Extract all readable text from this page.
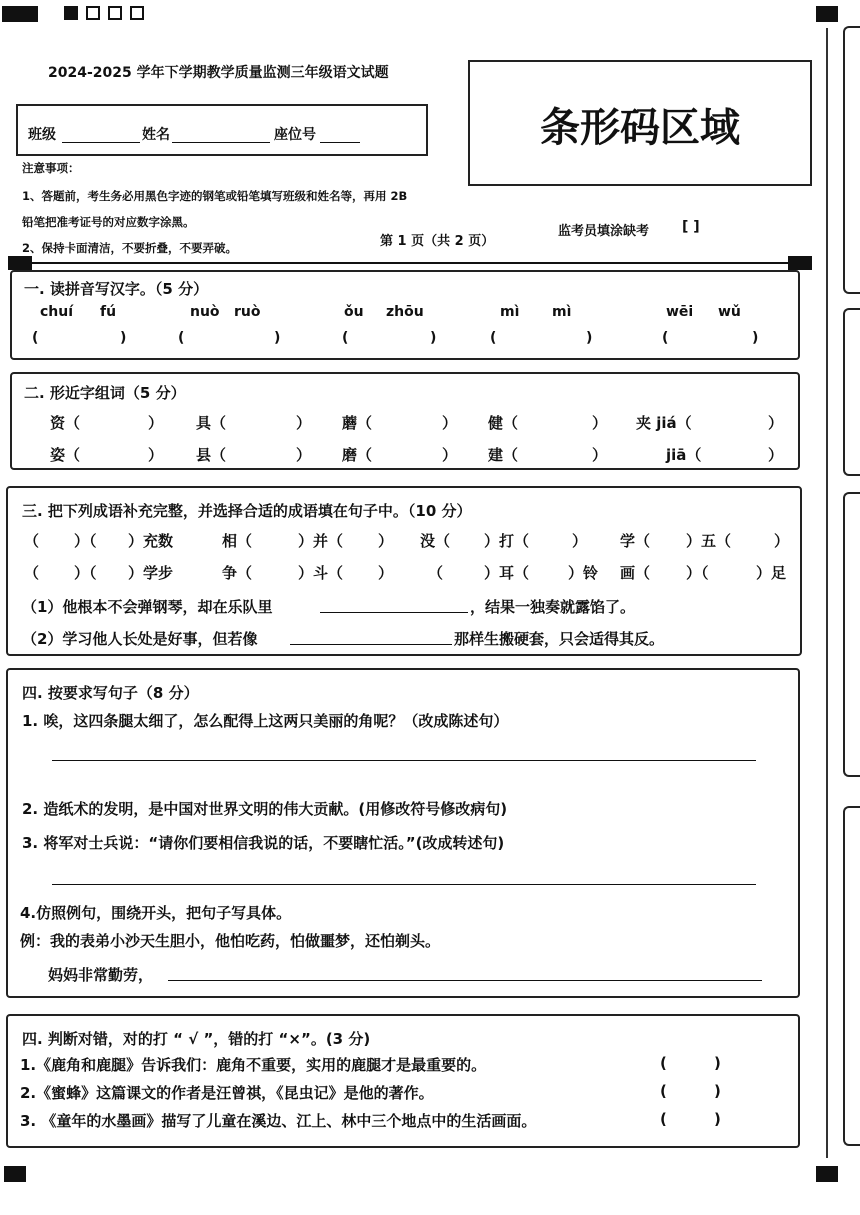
2024-2025 学年下学期教学质量监测三年级语文试题
条形码区域
班级	姓名	座位号
注意事项：
1、答题前，考生务必用黑色字迹的钢笔或铅笔填写班级和姓名等，再用 2B
铅笔把准考证号的对应数字涂黑。
2、保持卡面清洁，不要折叠，不要弄破。	第 1 页（共 2 页）
监考员填涂缺考 [ ]
一. 读拼音写汉字。（5 分）
chuí fú	nuò ruò	ǒu zhōu	mì mì	wēi wǔ
(	)	(	)	(	)	(	)	(	)
二. 形近字组词（5 分）
资（	） 具（	） 蘑（	） 健（	） 夹 jiá（	）
姿（	） 县（	） 磨（	） 建（	）	jiā（	）
三. 把下列成语补充完整，并选择合适的成语填在句子中。（10 分）
（ ）（ ）充数	相（	）并（ ） 没（ ）打（	） 学（ ）五（	）
（ ）（ ）学步	争（	）斗（ ） （	）耳（	）铃 画（ ）（	）足
（1）他根本不会弹钢琴，却在乐队里	，结果一独奏就露馅了。
（2）学习他人长处是好事，但若像	那样生搬硬套，只会适得其反。
四. 按要求写句子（8 分）
1. 唉，这四条腿太细了，怎么配得上这两只美丽的角呢？（改成陈述句）
2. 造纸术的发明，是中国对世界文明的伟大贡献。(用修改符号修改病句)
3. 将军对士兵说：“请你们要相信我说的话，不要瞎忙活。”(改成转述句)
4.仿照例句，围绕开头，把句子写具体。
例：我的表弟小沙天生胆小，他怕吃药，怕做噩梦，还怕剃头。
妈妈非常勤劳，
四. 判断对错，对的打 “ √ ”，错的打 “×”。(3 分)
1.《鹿角和鹿腿》告诉我们：鹿角不重要，实用的鹿腿才是最重要的。	(	)
2.《蜜蜂》这篇课文的作者是汪曾祺，《昆虫记》是他的著作。	(	)
3. 《童年的水墨画》描写了儿童在溪边、江上、林中三个地点中的生活画面。	(	)
